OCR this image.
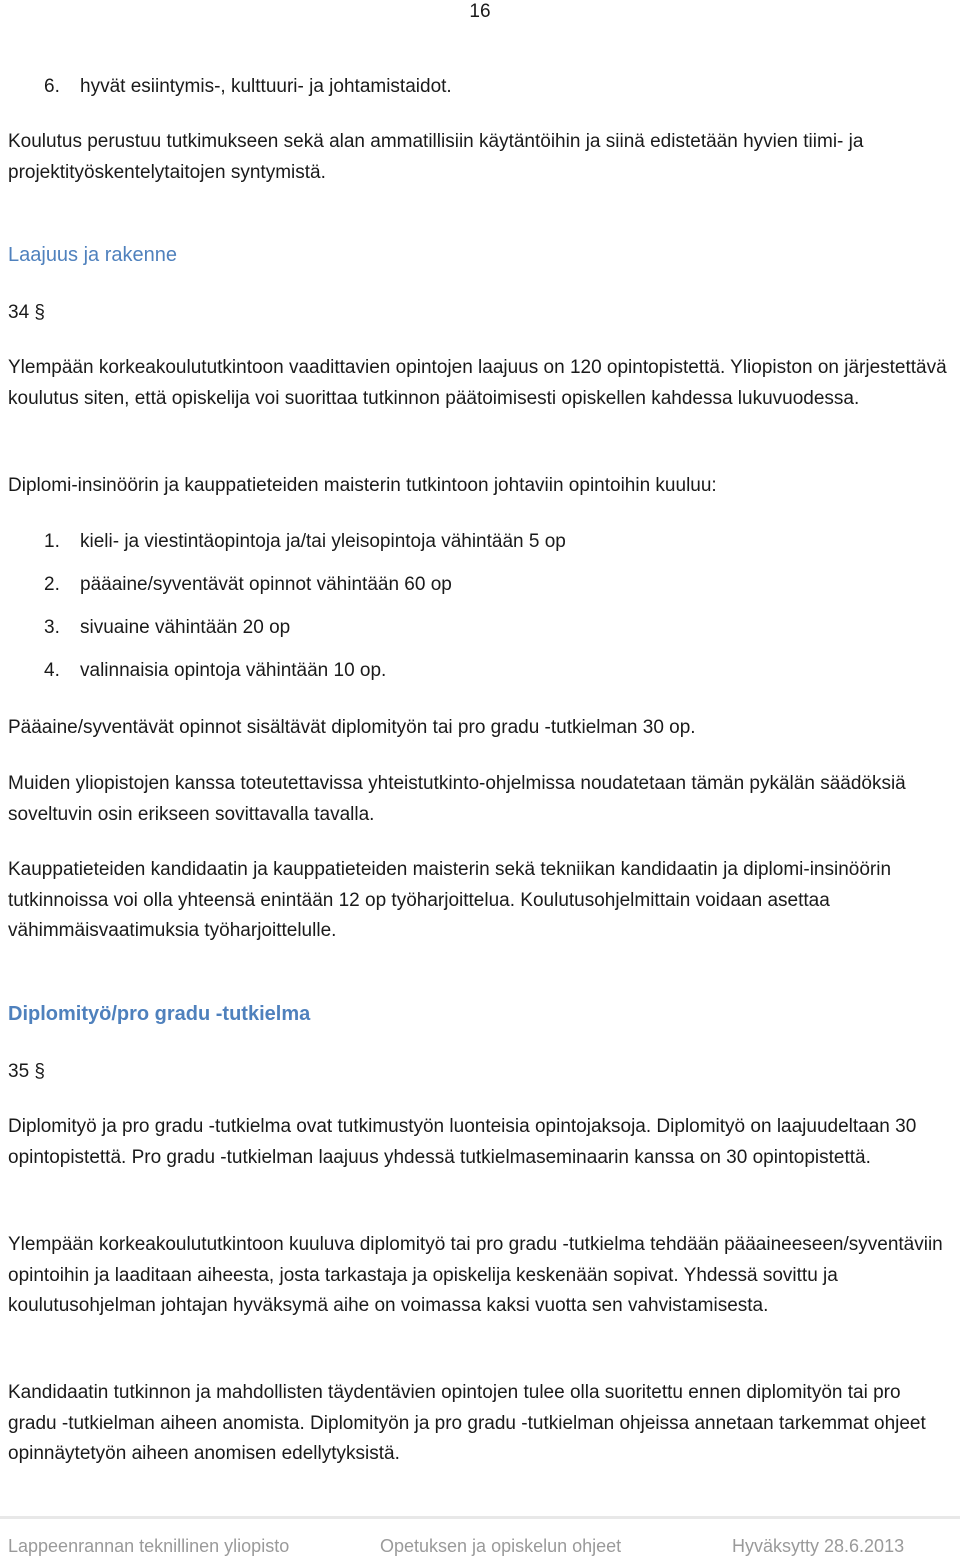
16

6. hyvät esiintymis-, kulttuuri- ja johtamistaidot.

Koulutus perustuu tutkimukseen sekä alan ammatillisiin käytäntöihin ja siinä edistetään hyvien tiimi- ja projektityöskentelytaitojen syntymistä.

Laajuus ja rakenne

34 §

Ylempään korkeakoulututkintoon vaadittavien opintojen laajuus on 120 opintopistettä. Yliopiston on järjestettävä koulutus siten, että opiskelija voi suorittaa tutkinnon päätoimisesti opiskellen kahdessa lukuvuodessa.

Diplomi-insinöörin ja kauppatieteiden maisterin tutkintoon johtaviin opintoihin kuuluu:

1. kieli- ja viestintäopintoja ja/tai yleisopintoja vähintään 5 op

2. pääaine/syventävät opinnot vähintään 60 op

3. sivuaine vähintään 20 op

4. valinnaisia opintoja vähintään 10 op.

Pääaine/syventävät opinnot sisältävät diplomityön tai pro gradu -tutkielman 30 op.

Muiden yliopistojen kanssa toteutettavissa yhteistutkinto-ohjelmissa noudatetaan tämän pykälän säädöksiä soveltuvin osin erikseen sovittavalla tavalla.

Kauppatieteiden kandidaatin ja kauppatieteiden maisterin sekä tekniikan kandidaatin ja diplomi-insinöörin tutkinnoissa voi olla yhteensä enintään 12 op työharjoittelua. Koulutusohjelmittain voidaan asettaa vähimmäisvaatimuksia työharjoittelulle.

Diplomityö/pro gradu -tutkielma

35 §

Diplomityö ja pro gradu -tutkielma ovat tutkimustyön luonteisia opintojaksoja. Diplomityö on laajuudeltaan 30 opintopistettä. Pro gradu -tutkielman laajuus yhdessä tutkielmaseminaarin kanssa on 30 opintopistettä.

Ylempään korkeakoulututkintoon kuuluva diplomityö tai pro gradu -tutkielma tehdään pääaineeseen/syventäviin opintoihin ja laaditaan aiheesta, josta tarkastaja ja opiskelija keskenään sopivat. Yhdessä sovittu ja koulutusohjelman johtajan hyväksymä aihe on voimassa kaksi vuotta sen vahvistamisesta.

Kandidaatin tutkinnon ja mahdollisten täydentävien opintojen tulee olla suoritettu ennen diplomityön tai pro gradu -tutkielman aiheen anomista. Diplomityön ja pro gradu -tutkielman ohjeissa annetaan tarkemmat ohjeet opinnäytetyön aiheen anomisen edellytyksistä.

Lappeenrannan teknillinen yliopisto	Opetuksen ja opiskelun ohjeet	Hyväksytty 28.6.2013
